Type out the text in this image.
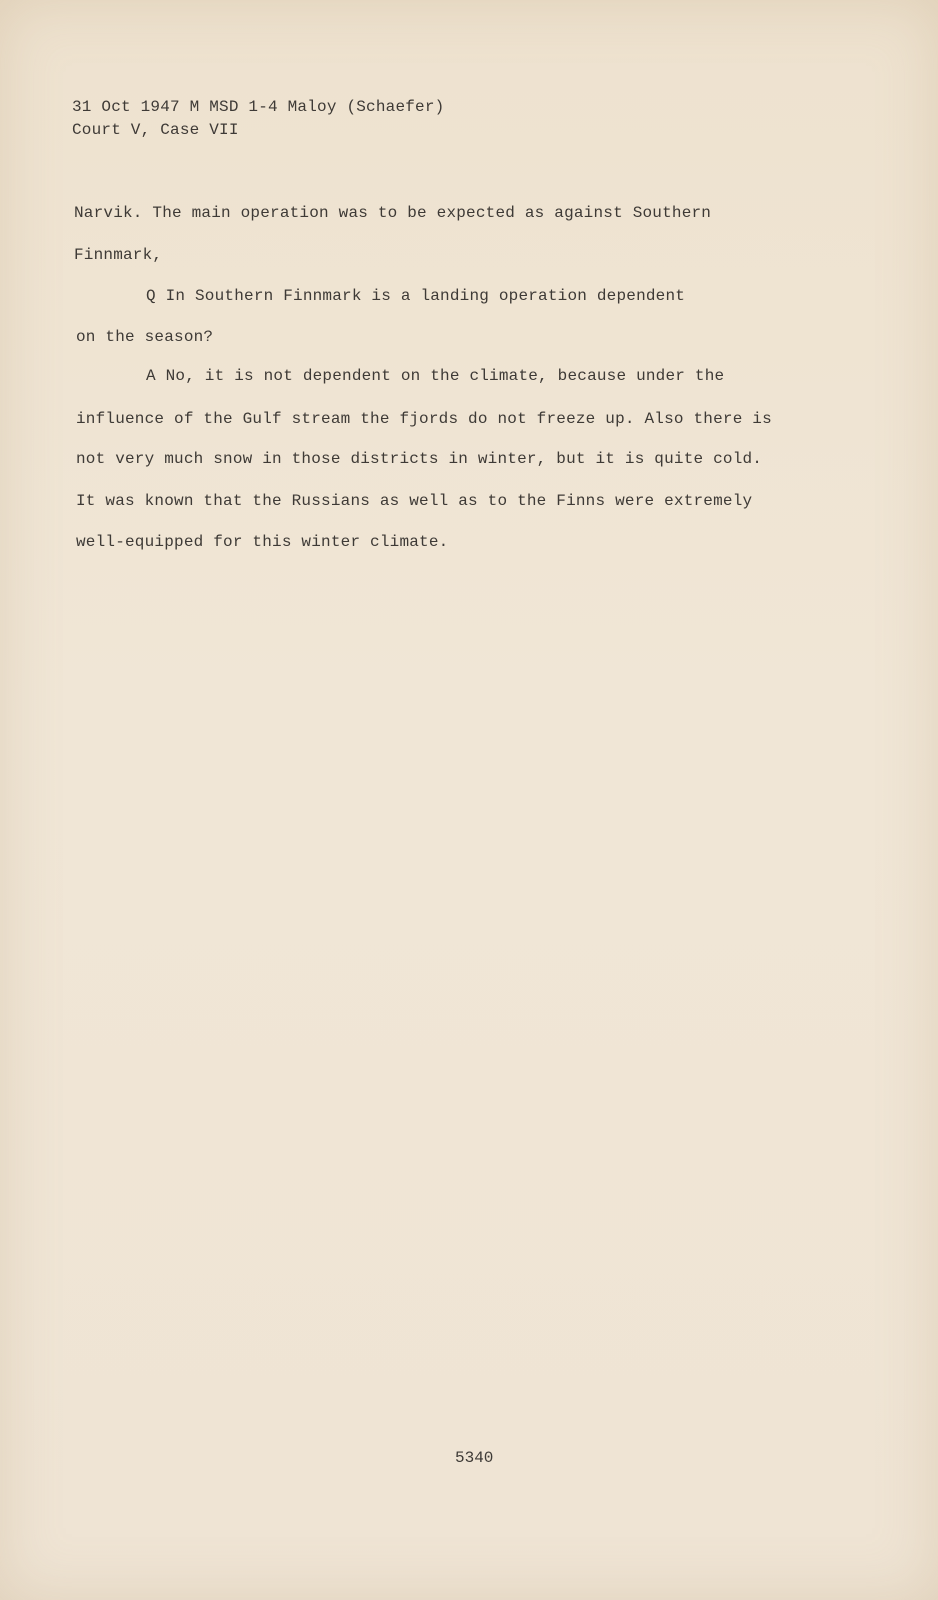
31 Oct 1947 M MSD 1-4 Maloy (Schaefer)
Court V, Case VII
Narvik. The main operation was to be expected as against Southern
Finnmark,
Q In Southern Finnmark is a landing operation dependent
on the season?
A No, it is not dependent on the climate, because under the
influence of the Gulf stream the fjords do not freeze up. Also there is
not very much snow in those districts in winter, but it is quite cold.
It was known that the Russians as well as to the Finns were extremely
well-equipped for this winter climate.
5340
